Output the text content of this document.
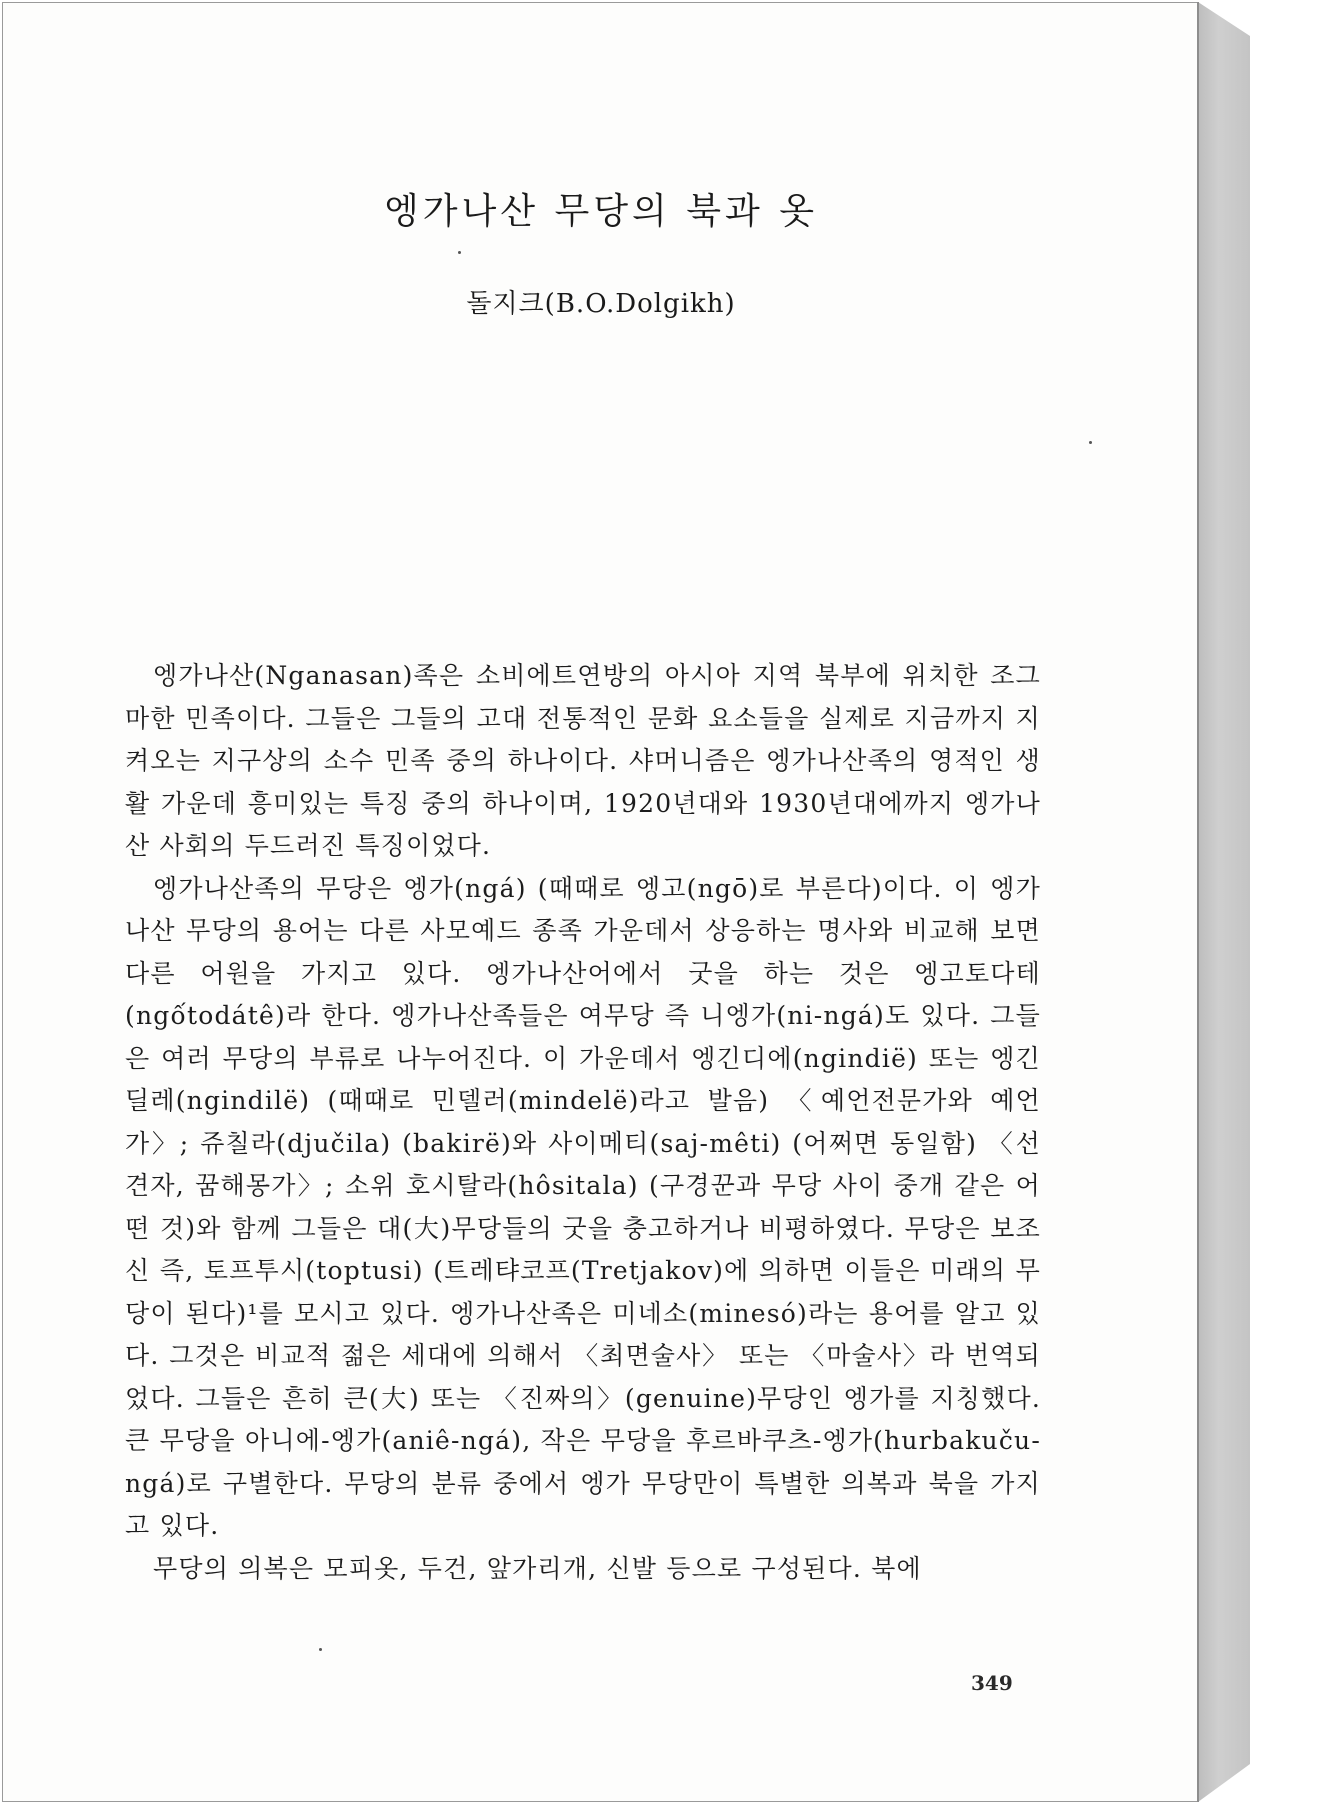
엥가나산 무당의 북과 옷
돌지크(B.O.Dolgikh)

엥가나산(Nganasan)족은 소비에트연방의 아시아 지역 북부에 위치한 조그마한 민족이다. 그들은 그들의 고대 전통적인 문화 요소들을 실제로 지금까지 지켜오는 지구상의 소수 민족 중의 하나이다. 샤머니즘은 엥가나산족의 영적인 생활 가운데 흥미있는 특징 중의 하나이며, 1920년대와 1930년대에까지 엥가나산 사회의 두드러진 특징이었다.

엥가나산족의 무당은 엥가(ngá) (때때로 엥고(ngō)로 부른다)이다. 이 엥가나산 무당의 용어는 다른 사모예드 종족 가운데서 상응하는 명사와 비교해 보면 다른 어원을 가지고 있다. 엥가나산어에서 굿을 하는 것은 엥고토다테(ngốtodátê)라 한다. 엥가나산족들은 여무당 즉 니엥가(ni-ngá)도 있다. 그들은 여러 무당의 부류로 나누어진다. 이 가운데서 엥긴디에(ngindiё) 또는 엥긴딜레(ngindilё) (때때로 민델러(mindelё)라고 발음) 〈예언전문가와 예언가〉; 쥬칠라(djučila) (bakirё)와 사이메티(saj-mêti) (어쩌면 동일함) 〈선견자, 꿈해몽가〉; 소위 호시탈라(hôsitala) (구경꾼과 무당 사이 중개 같은 어떤 것)와 함께 그들은 대(大)무당들의 굿을 충고하거나 비평하였다. 무당은 보조신 즉, 토프투시(toptusi) (트레탸코프(Tretjakov)에 의하면 이들은 미래의 무당이 된다)¹를 모시고 있다. 엥가나산족은 미네소(minesó)라는 용어를 알고 있다. 그것은 비교적 젊은 세대에 의해서 〈최면술사〉 또는 〈마술사〉라 번역되었다. 그들은 흔히 큰(大) 또는 〈진짜의〉(genuine)무당인 엥가를 지칭했다. 큰 무당을 아니에-엥가(aniê-ngá), 작은 무당을 후르바쿠츠-엥가(hurbakuču-ngá)로 구별한다. 무당의 분류 중에서 엥가 무당만이 특별한 의복과 북을 가지고 있다.

무당의 의복은 모피옷, 두건, 앞가리개, 신발 등으로 구성된다. 북에

349
